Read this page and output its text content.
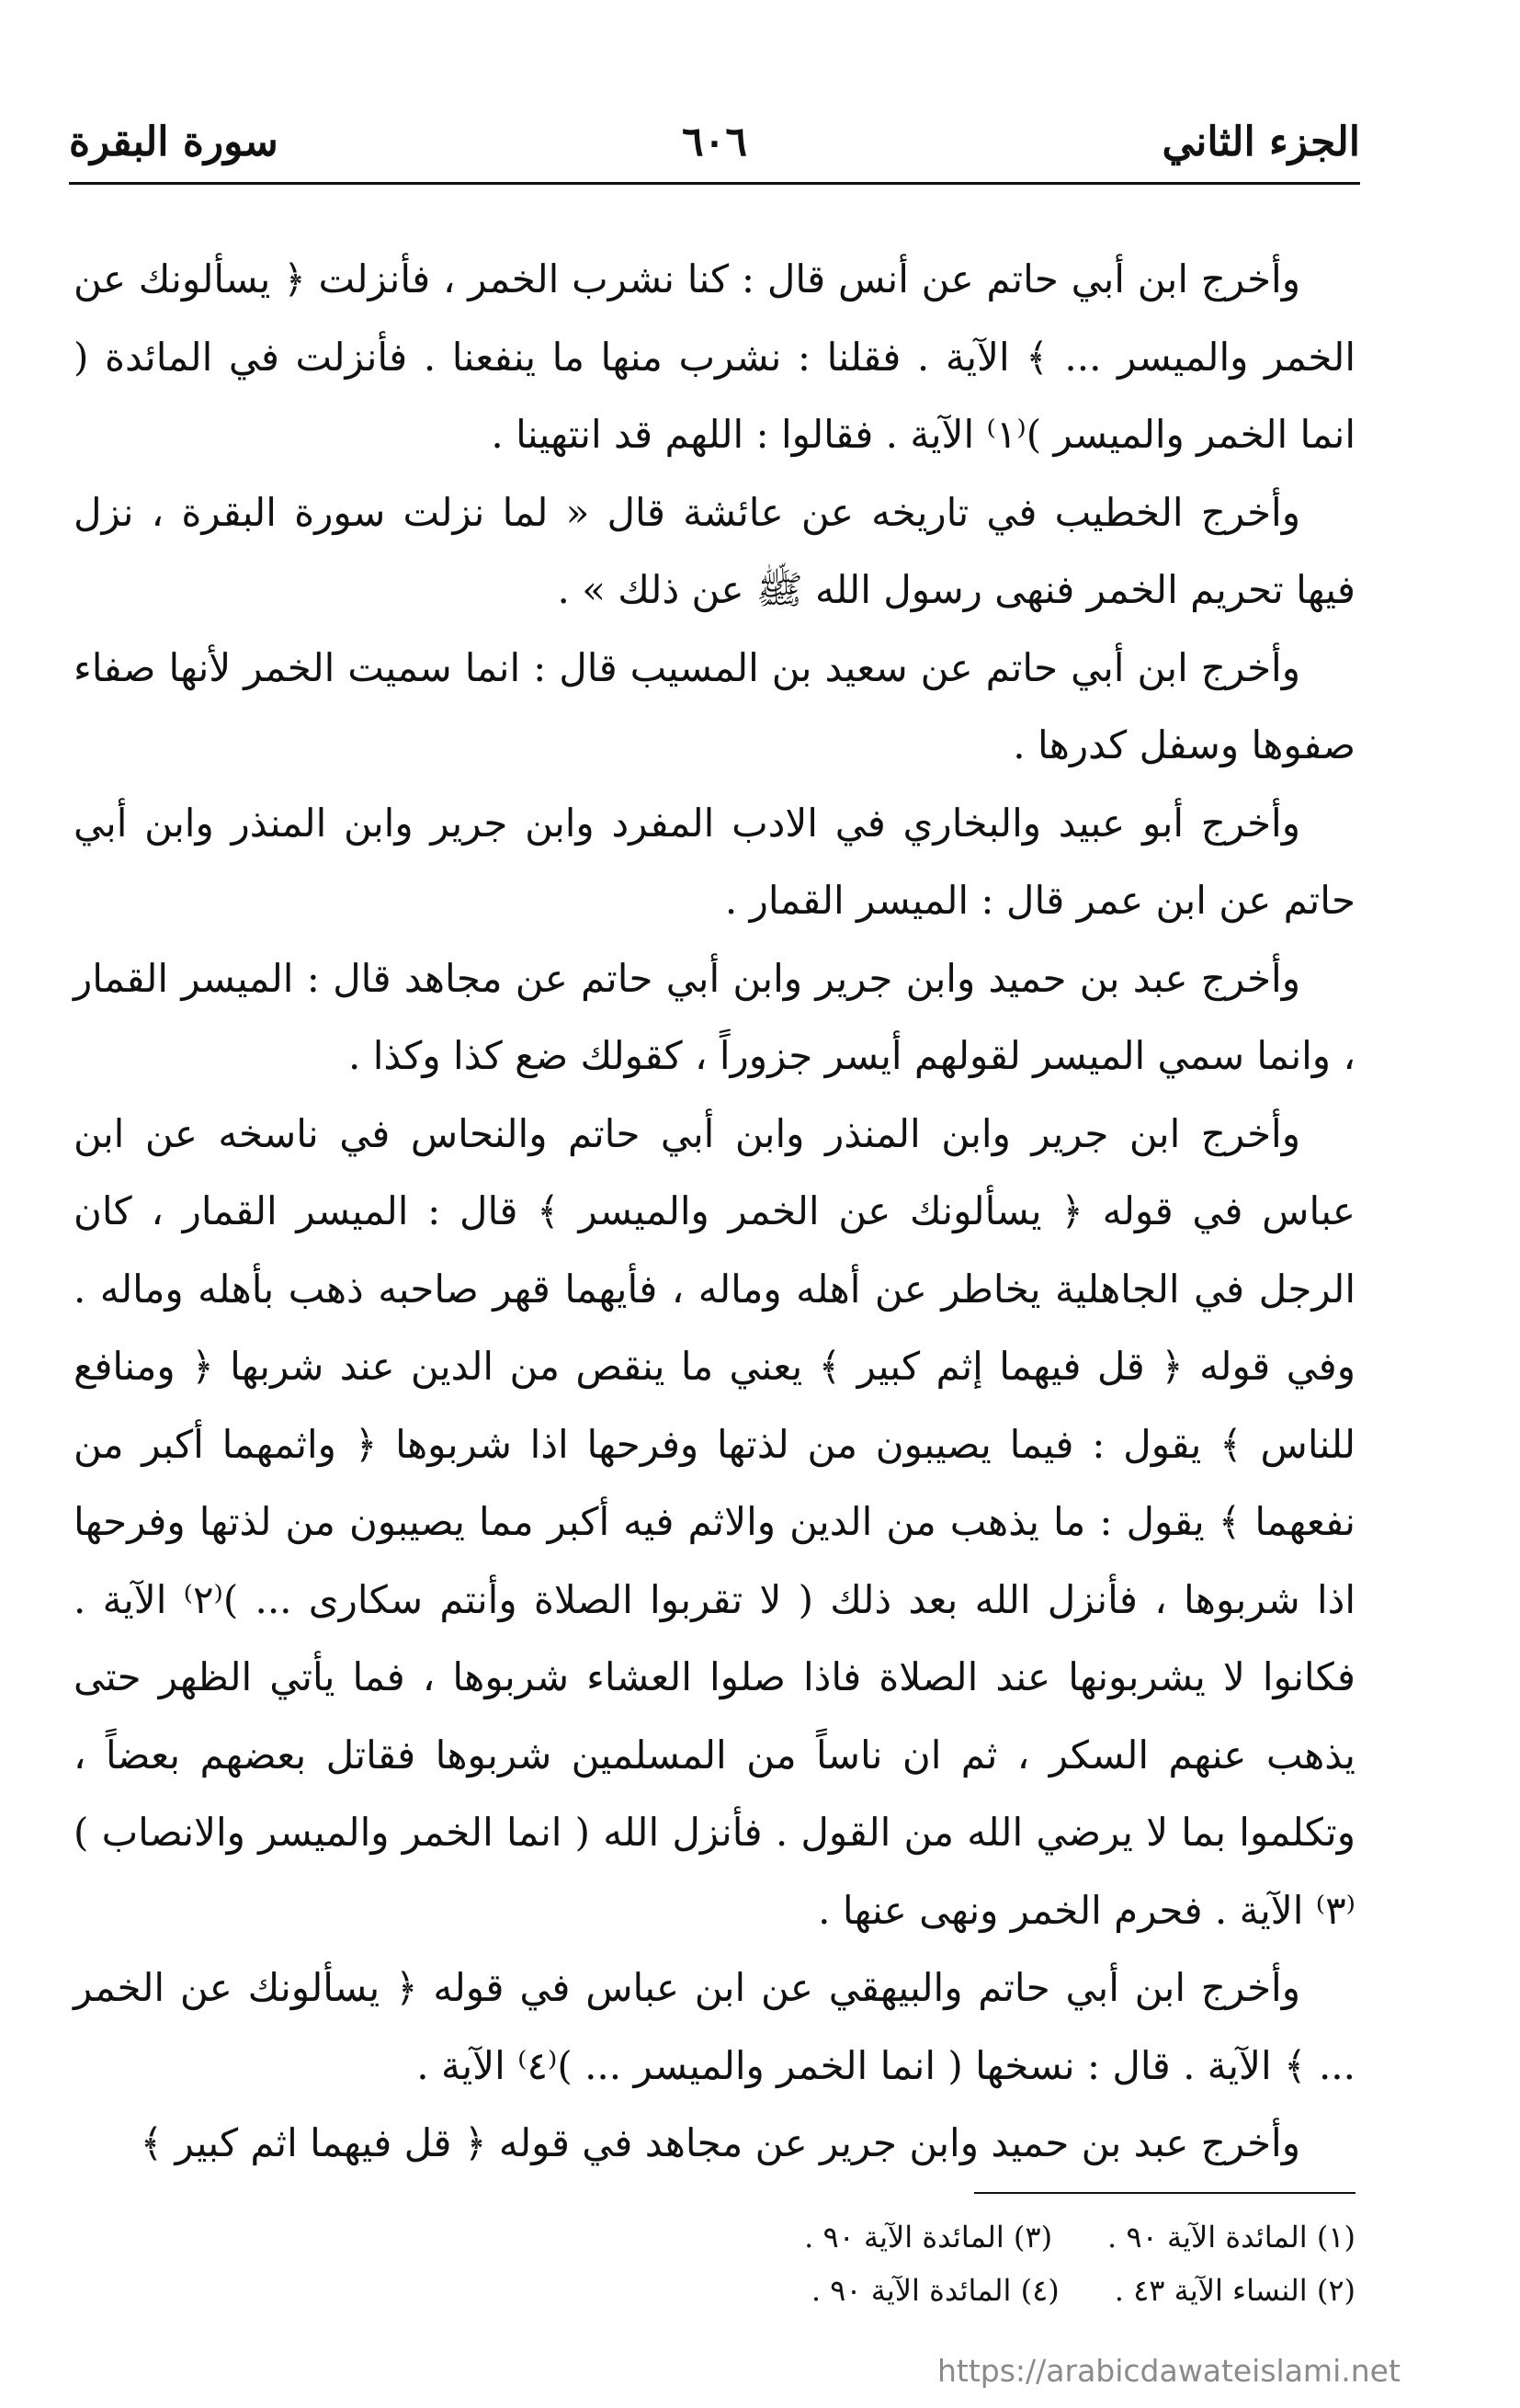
الجزء الثاني
٦٠٦
سورة البقرة

وأخرج ابن أبي حاتم عن أنس قال : كنا نشرب الخمر ، فأنزلت ﴿ يسألونك عن الخمر والميسر ... ﴾ الآية . فقلنا : نشرب منها ما ينفعنا . فأنزلت في المائدة ( انما الخمر والميسر )⁽١⁾ الآية . فقالوا : اللهم قد انتهينا .

وأخرج الخطيب في تاريخه عن عائشة قال « لما نزلت سورة البقرة ، نزل فيها تحريم الخمر فنهى رسول الله ﷺ عن ذلك » .

وأخرج ابن أبي حاتم عن سعيد بن المسيب قال : انما سميت الخمر لأنها صفاء صفوها وسفل كدرها .

وأخرج أبو عبيد والبخاري في الادب المفرد وابن جرير وابن المنذر وابن أبي حاتم عن ابن عمر قال : الميسر القمار .

وأخرج عبد بن حميد وابن جرير وابن أبي حاتم عن مجاهد قال : الميسر القمار ، وانما سمي الميسر لقولهم أيسر جزوراً ، كقولك ضع كذا وكذا .

وأخرج ابن جرير وابن المنذر وابن أبي حاتم والنحاس في ناسخه عن ابن عباس في قوله ﴿ يسألونك عن الخمر والميسر ﴾ قال : الميسر القمار ، كان الرجل في الجاهلية يخاطر عن أهله وماله ، فأيهما قهر صاحبه ذهب بأهله وماله . وفي قوله ﴿ قل فيهما إثم كبير ﴾ يعني ما ينقص من الدين عند شربها ﴿ ومنافع للناس ﴾ يقول : فيما يصيبون من لذتها وفرحها اذا شربوها ﴿ واثمهما أكبر من نفعهما ﴾ يقول : ما يذهب من الدين والاثم فيه أكبر مما يصيبون من لذتها وفرحها اذا شربوها ، فأنزل الله بعد ذلك ( لا تقربوا الصلاة وأنتم سكارى ... )⁽٢⁾ الآية . فكانوا لا يشربونها عند الصلاة فاذا صلوا العشاء شربوها ، فما يأتي الظهر حتى يذهب عنهم السكر ، ثم ان ناساً من المسلمين شربوها فقاتل بعضهم بعضاً ، وتكلموا بما لا يرضي الله من القول . فأنزل الله ( انما الخمر والميسر والانصاب )⁽٣⁾ الآية . فحرم الخمر ونهى عنها .

وأخرج ابن أبي حاتم والبيهقي عن ابن عباس في قوله ﴿ يسألونك عن الخمر ... ﴾ الآية . قال : نسخها ( انما الخمر والميسر ... )⁽٤⁾ الآية .

وأخرج عبد بن حميد وابن جرير عن مجاهد في قوله ﴿ قل فيهما اثم كبير ﴾

(١) المائدة الآية ٩٠ .
(٣) المائدة الآية ٩٠ .
(٢) النساء الآية ٤٣ .
(٤) المائدة الآية ٩٠ .
https://arabicdawateislami.net
